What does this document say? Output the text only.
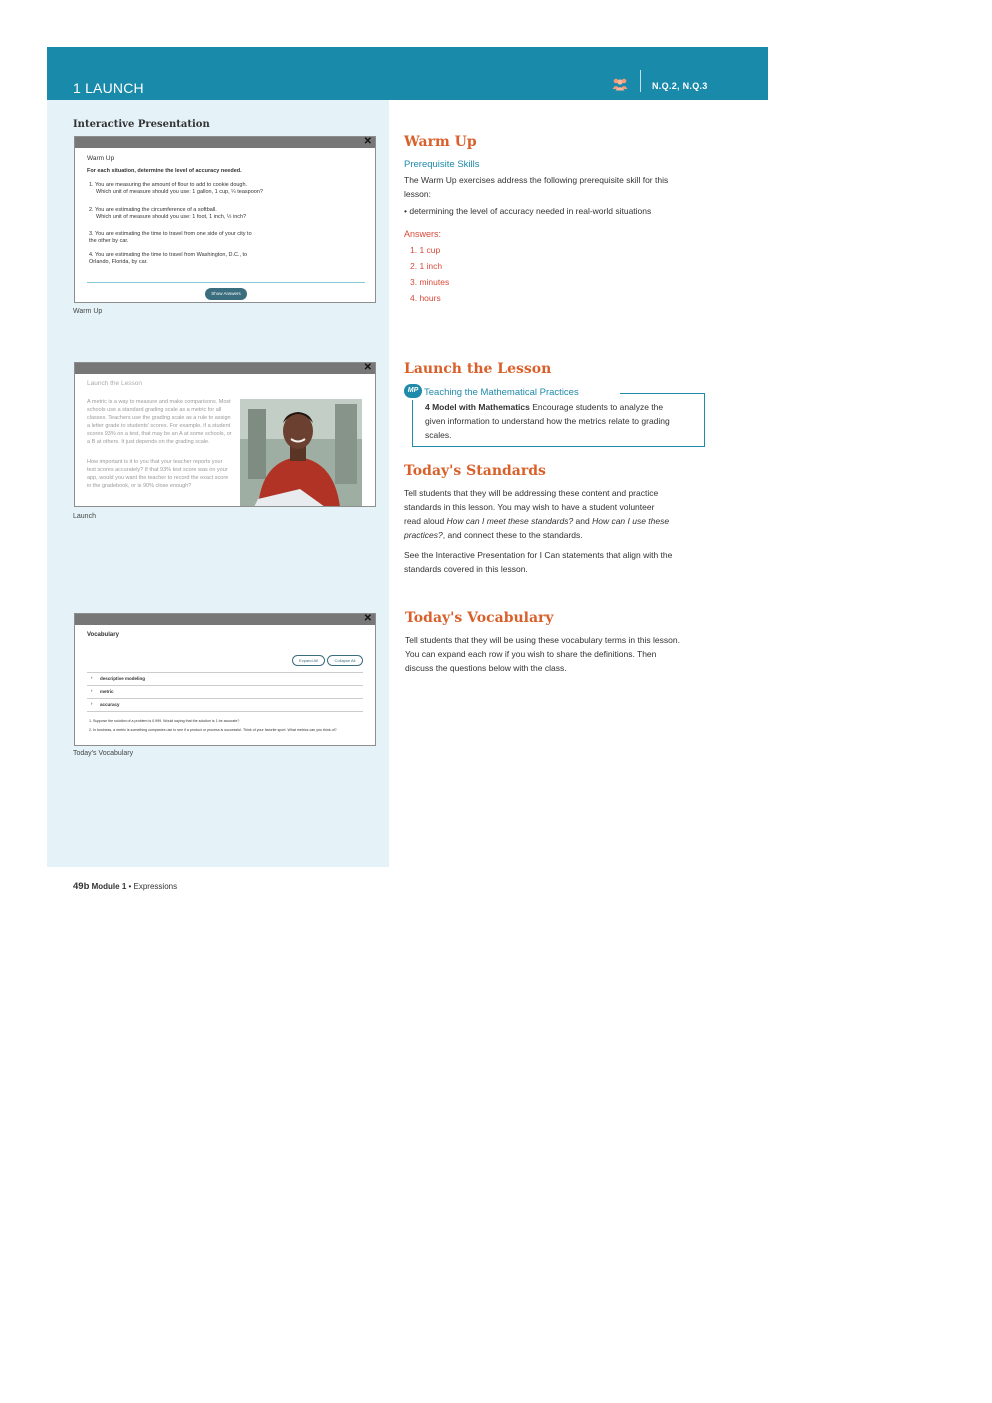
1 LAUNCH	N.Q.2, N.Q.3
Interactive Presentation
✕
Warm Up
For each situation, determine the level of accuracy needed.
1. You are measuring the amount of flour to add to cookie dough.
Which unit of measure should you use: 1 gallon, 1 cup, ¼ teaspoon?
2. You are estimating the circumference of a softball.
Which unit of measure should you use: 1 foot, 1 inch, ½ inch?
3. You are estimating the time to travel from one side of your city to
the other by car.
4. You are estimating the time to travel from Washington, D.C., to
Orlando, Florida, by car.
Show Answers
Warm Up
✕
Launch the Lesson
A metric is a way to measure and make comparisons. Most
schools use a standard grading scale as a metric for all
classes. Teachers use the grading scale as a rule to assign
a letter grade to students' scores. For example, if a student
scores 93% on a test, that may be an A at some schools, or
a B at others. It just depends on the grading scale.
How important is it to you that your teacher reports your
test scores accurately? If that 93% test score was on your
app, would you want the teacher to record the exact score
in the gradebook, or is 90% close enough?
Launch
✕
Vocabulary
Expand All	Collapse All
› descriptive modeling
› metric
› accuracy
1. Suppose the solution of a problem is 0.999. Would saying that the solution is 1 be accurate?
2. In business, a metric is something companies use to see if a product or process is successful. Think of your favorite sport. What metrics can you think of?
Today's Vocabulary
Warm Up
Prerequisite Skills
The Warm Up exercises address the following prerequisite skill for this
lesson:
• determining the level of accuracy needed in real-world situations
Answers:
1. 1 cup
2. 1 inch
3. minutes
4. hours
Launch the Lesson
MP Teaching the Mathematical Practices
4 Model with Mathematics Encourage students to analyze the
given information to understand how the metrics relate to grading
scales.
Today's Standards
Tell students that they will be addressing these content and practice
standards in this lesson. You may wish to have a student volunteer
read aloud How can I meet these standards? and How can I use these
practices?, and connect these to the standards.
See the Interactive Presentation for I Can statements that align with the
standards covered in this lesson.
Today's Vocabulary
Tell students that they will be using these vocabulary terms in this lesson.
You can expand each row if you wish to share the definitions. Then
discuss the questions below with the class.
49b Module 1 • Expressions
